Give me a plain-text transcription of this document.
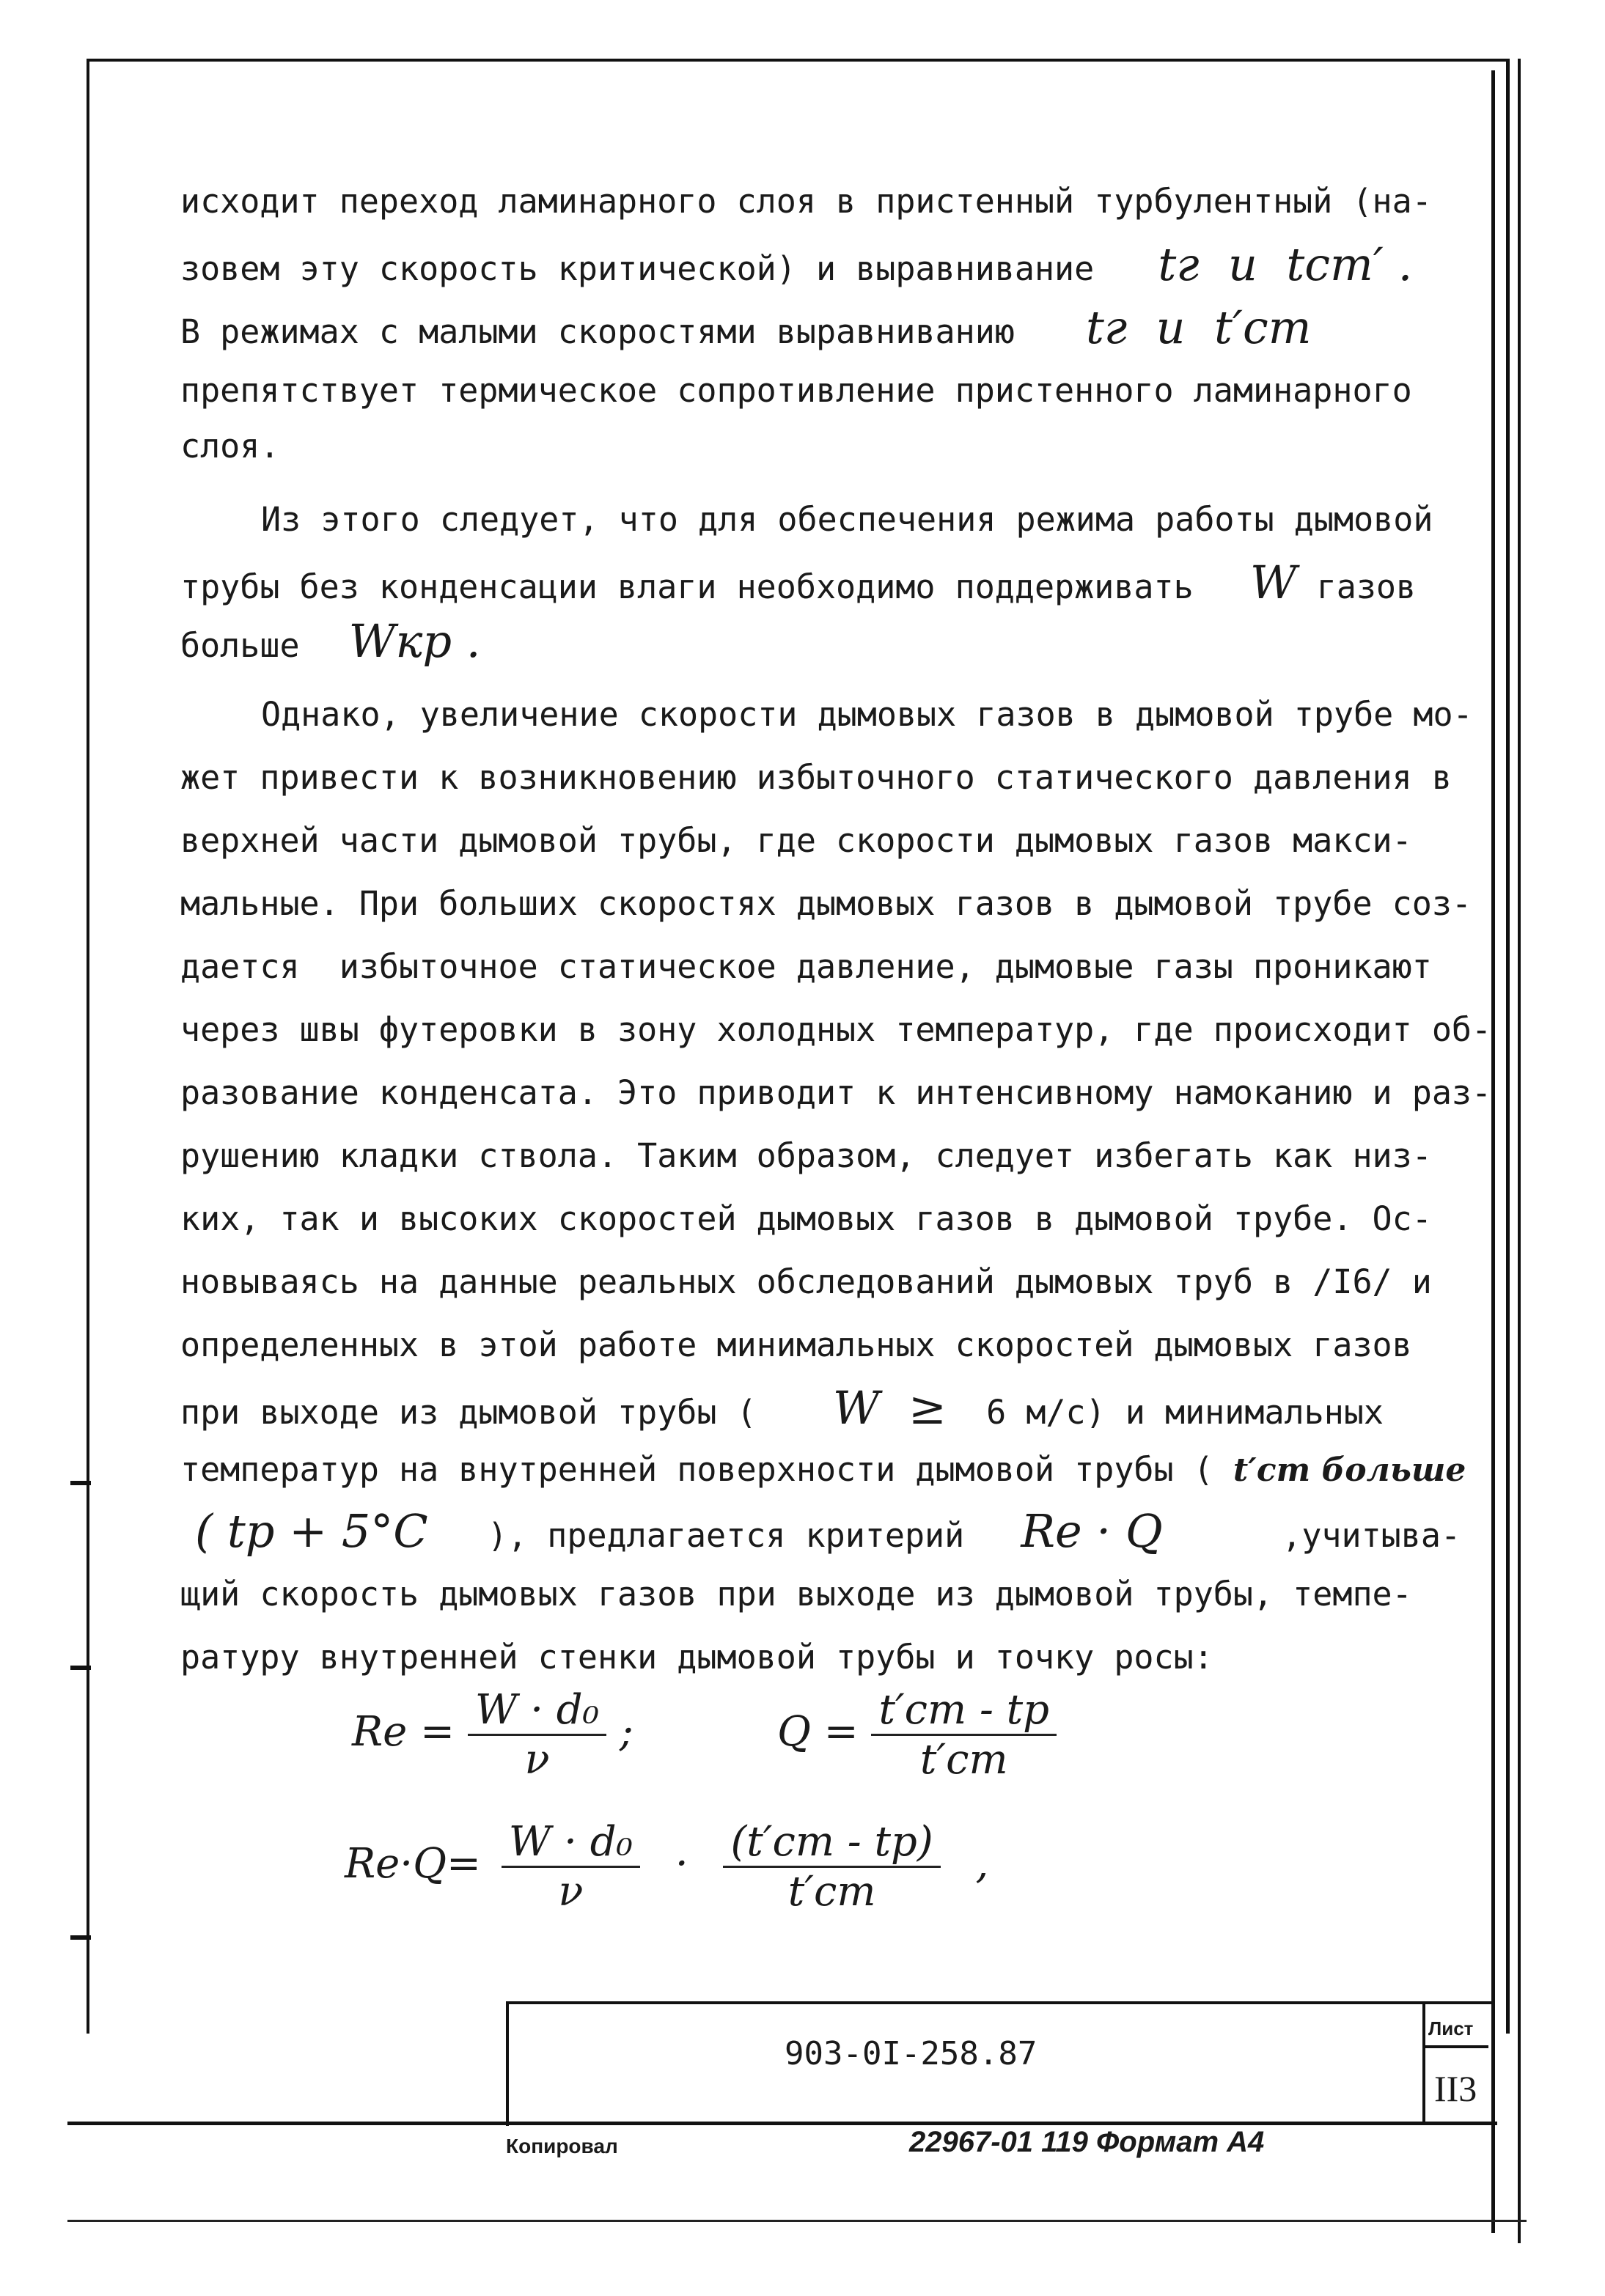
исходит переход ламинарного слоя в пристенный турбулентный (на-
зовем эту скорость критической) и выравнивание tг  и  tст′ .
В режимах с малыми скоростями выравниванию tг  и  t′ст
препятствует термическое сопротивление пристенного ламинарного
слоя.
Из этого следует, что для обеспечения режима работы дымовой
трубы без конденсации влаги необходимо поддерживать W газов
больше Wкр .
Однако, увеличение скорости дымовых газов в дымовой трубе мо-
жет привести к возникновению избыточного статического давления в
верхней части дымовой трубы, где скорости дымовых газов макси-
мальные. При больших скоростях дымовых газов в дымовой трубе соз-
дается  избыточное статическое давление, дымовые газы проникают
через швы футеровки в зону холодных температур, где происходит об-
разование конденсата. Это приводит к интенсивному намоканию и раз-
рушению кладки ствола. Таким образом, следует избегать как низ-
ких, так и высоких скоростей дымовых газов в дымовой трубе. Ос-
новываясь на данные реальных обследований дымовых труб в /I6/ и
определенных в этой работе минимальных скоростей дымовых газов
при выходе из дымовой трубы (  W  ≥  6 м/с) и минимальных
температур на внутренней поверхности дымовой трубы ( t′ст больше
( tр + 5°C   ), предлагается критерий Re · Q      ,учитыва-
щий скорость дымовых газов при выходе из дымовой трубы, темпе-
ратуру внутренней стенки дымовой трубы и точку росы:
$Re = \frac{\text{W · d₀}}{\nu}$ ;	$Q = \frac{t'ст - tр}{t'ст}$
$Re\cdot Q= \frac{\text{W · d₀}}{\nu} \cdot \frac{(t'ст - tр)}{t'ст}$ ,
903-0I-258.87
Лист
II3
Копировал	22967-01 119 Формат А4
